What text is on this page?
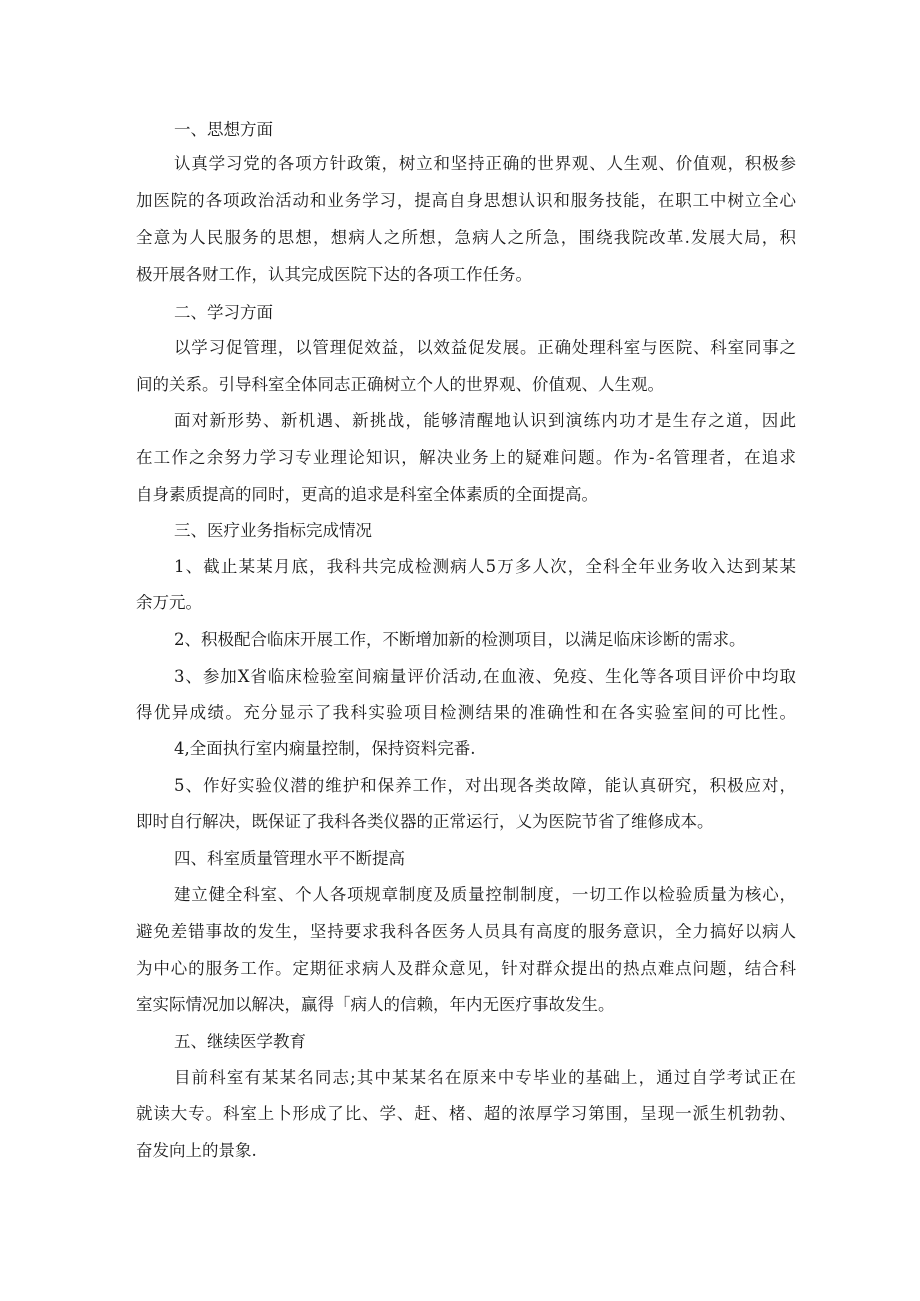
一、思想方面
认真学习党的各项方针政策，树立和坚持正确的世界观、人生观、价值观，积极参
加医院的各项政治活动和业务学习，提高自身思想认识和服务技能，在职工中树立全心
全意为人民服务的思想，想病人之所想，急病人之所急，围绕我院改革.发展大局，积
极开展各财工作，认其完成医院下达的各项工作任务。
二、学习方面
以学习促管理，以管理促效益，以效益促发展。正确处理科室与医院、科室同事之
间的关系。引导科室全体同志正确树立个人的世界观、价值观、人生观。
面对新形势、新机遇、新挑战，能够清醒地认识到演练内功才是生存之道，因此
在工作之余努力学习专业理论知识，解决业务上的疑难问题。作为-名管理者，在追求
自身素质提高的同时，更高的追求是科室全体素质的全面提高。
三、医疗业务指标完成情况
1、截止某某月底，我科共完成检测病人5万多人次，全科全年业务收入达到某某
余万元。
2、积极配合临床开展工作，不断增加新的检测项目，以满足临床诊断的需求。
3、参加X省临床检验室间痫量评价活动,在血液、免疫、生化等各项目评价中均取
得优异成绩。充分显示了我科实验项目检测结果的准确性和在各实验室间的可比性。
4,全面执行室内痫量控制，保持资料完番.
5、作好实验仪潜的维护和保养工作，对出现各类故障，能认真研究，积极应对，
即时自行解决，既保证了我科各类仪器的正常运行，乂为医院节省了维修成本。
四、科室质量管理水平不断提高
建立健全科室、个人各项规章制度及质量控制制度，一切工作以检验质量为核心，
避免差错事故的发生，坚持要求我科各医务人员具有高度的服务意识，全力搞好以病人
为中心的服务工作。定期征求病人及群众意见，针对群众提出的热点难点问题，结合科
室实际情况加以解决，赢得「病人的信赖，年内无医疗事故发生。
五、继续医学教育
目前科室有某某名同志;其中某某名在原来中专毕业的基础上，通过自学考试正在
就读大专。科室上卜形成了比、学、赶、楮、超的浓厚学习第围，呈现一派生机勃勃、
奋发向上的景象.
